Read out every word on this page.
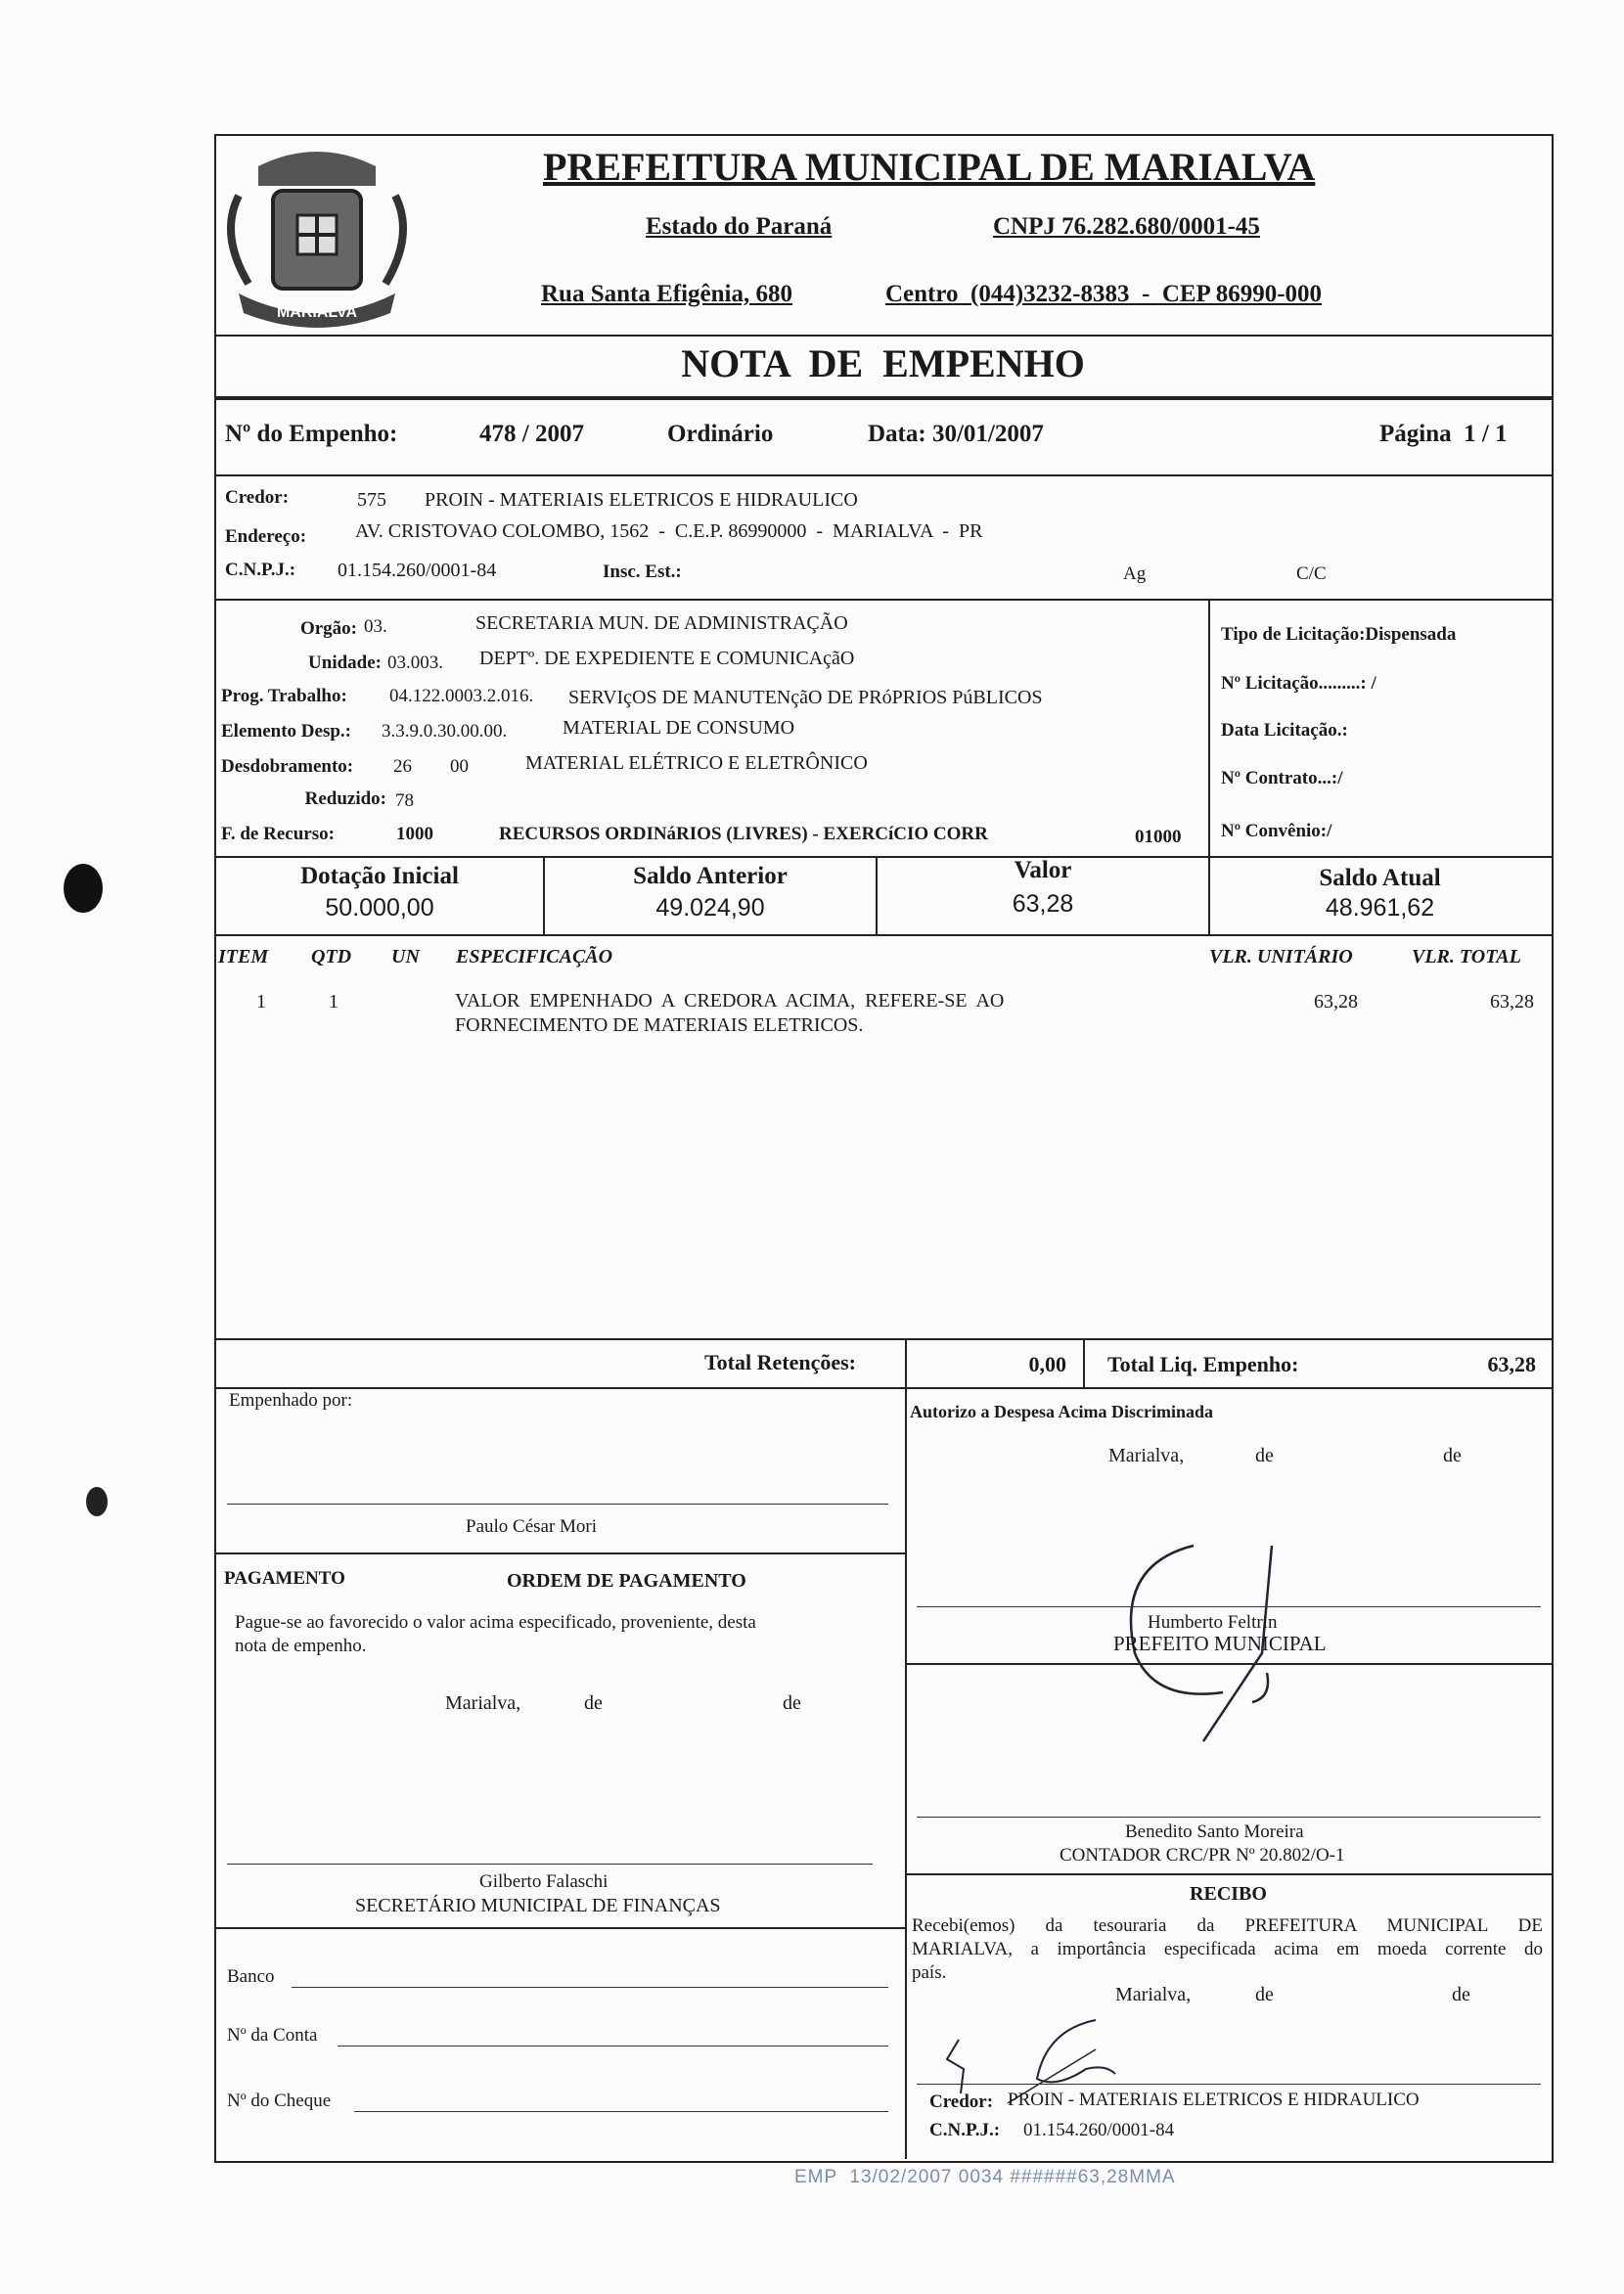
MARIALVA
PREFEITURA MUNICIPAL DE MARIALVA
Estado do Paraná	CNPJ 76.282.680/0001-45
Rua Santa Efigênia, 680	Centro  (044)3232-8383  -  CEP 86990-000
NOTA  DE  EMPENHO
Nº do Empenho:	478 / 2007	Ordinário	Data: 30/01/2007	Página  1 / 1
Credor:	575 PROIN - MATERIAIS ELETRICOS E HIDRAULICO
Endereço: AV. CRISTOVAO COLOMBO, 1562  -  C.E.P. 86990000  -  MARIALVA  -  PR
C.N.P.J.: 01.154.260/0001-84	Insc. Est.:	Ag	C/C
Orgão: 03.	SECRETARIA MUN. DE ADMINISTRAÇÃO
Unidade: 03.003. DEPTº. DE EXPEDIENTE E COMUNICAçãO
Prog. Trabalho: 04.122.0003.2.016. SERVIçOS DE MANUTENçãO DE PRóPRIOS PúBLICOS
Elemento Desp.: 3.3.9.0.30.00.00.	MATERIAL DE CONSUMO
Desdobramento: 26 00	MATERIAL ELÉTRICO E ELETRÔNICO
Reduzido: 78
F. de Recurso:	1000	RECURSOS ORDINáRIOS (LIVRES) - EXERCíCIO CORR	01000
Tipo de Licitação:Dispensada
Nº Licitação.........: /
Data Licitação.:
Nº Contrato...:/
Nº Convênio:/
Dotação Inicial
50.000,00
Saldo Anterior
49.024,90
Valor
63,28
Saldo Atual
48.961,62
ITEM QTD UN ESPECIFICAÇÃO	VLR. UNITÁRIO	VLR. TOTAL
1	1	VALOR  EMPENHADO  A  CREDORA  ACIMA,  REFERE-SE  AO
FORNECIMENTO DE MATERIAIS ELETRICOS.
63,28	63,28
Total Retenções:	0,00 Total Liq. Empenho:	63,28
Empenhado por:
Paulo César Mori
PAGAMENTO	ORDEM DE PAGAMENTO
Pague-se ao favorecido o valor acima especificado, proveniente, desta
nota de empenho.
Marialva,	de	de
Gilberto Falaschi
SECRETÁRIO MUNICIPAL DE FINANÇAS
Banco
Nº da Conta
Nº do Cheque
Autorizo a Despesa Acima Discriminada
Marialva,	de	de
Humberto Feltrin
PREFEITO MUNICIPAL
Benedito Santo Moreira
CONTADOR CRC/PR Nº 20.802/O-1
RECIBO
Recebi(emos) da tesouraria da PREFEITURA MUNICIPAL DE
MARIALVA, a importância especificada acima em moeda corrente do
país.
Marialva,	de	de
Credor: PROIN - MATERIAIS ELETRICOS E HIDRAULICO
C.N.P.J.: 01.154.260/0001-84
EMP  13/02/2007 0034 ######63,28MMA
